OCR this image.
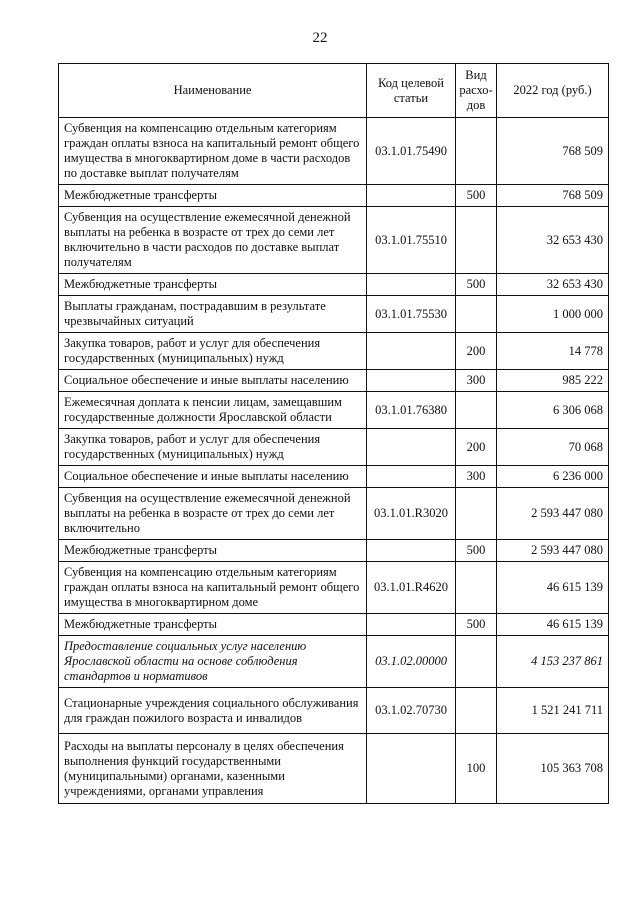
22
Наименование	Код целевой статьи	Вид расхо-дов	2022 год (руб.)
Субвенция на компенсацию отдельным категориям граждан оплаты взноса на капитальный ремонт общего имущества в многоквартирном доме в части расходов по доставке выплат получателям	03.1.01.75490		768 509
Межбюджетные трансферты		500	768 509
Субвенция на осуществление ежемесячной денежной выплаты на ребенка в возрасте от трех до семи лет включительно в части расходов по доставке выплат получателям	03.1.01.75510		32 653 430
Межбюджетные трансферты		500	32 653 430
Выплаты гражданам, пострадавшим в результате чрезвычайных ситуаций	03.1.01.75530		1 000 000
Закупка товаров, работ и услуг для обеспечения государственных (муниципальных) нужд		200	14 778
Социальное обеспечение и иные выплаты населению		300	985 222
Ежемесячная доплата к пенсии лицам, замещавшим государственные должности Ярославской области	03.1.01.76380		6 306 068
Закупка товаров, работ и услуг для обеспечения государственных (муниципальных) нужд		200	70 068
Социальное обеспечение и иные выплаты населению		300	6 236 000
Субвенция на осуществление ежемесячной денежной выплаты на ребенка в возрасте от трех до семи лет включительно	03.1.01.R3020		2 593 447 080
Межбюджетные трансферты		500	2 593 447 080
Субвенция на компенсацию отдельным категориям граждан оплаты взноса на капитальный ремонт общего имущества в многоквартирном доме	03.1.01.R4620		46 615 139
Межбюджетные трансферты		500	46 615 139
Предоставление социальных услуг населению Ярославской области на основе соблюдения стандартов и нормативов	03.1.02.00000		4 153 237 861
Стационарные учреждения социального обслуживания для граждан пожилого возраста и инвалидов	03.1.02.70730		1 521 241 711
Расходы на выплаты персоналу в целях обеспечения выполнения функций государственными (муниципальными) органами, казенными учреждениями, органами управления		100	105 363 708
